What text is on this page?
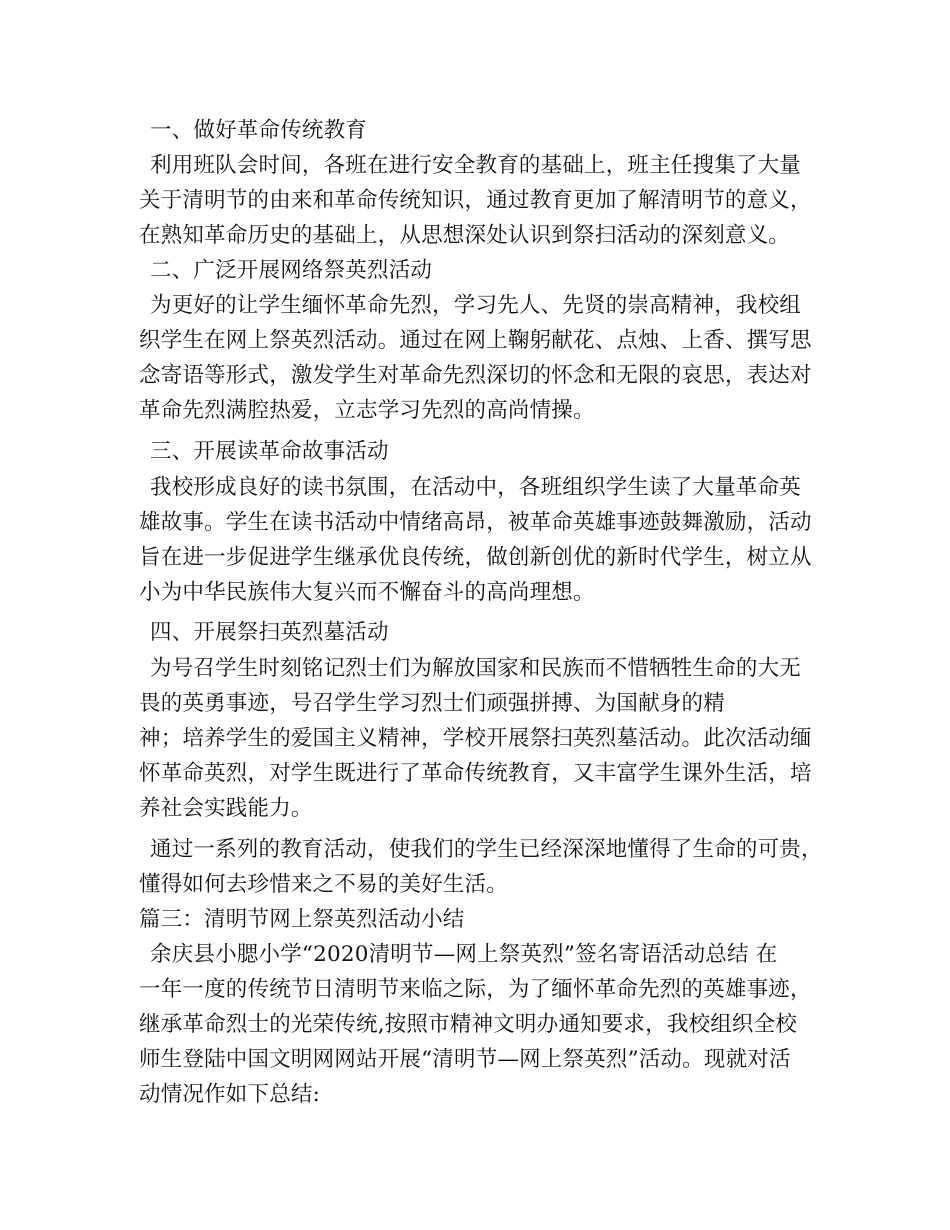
一、做好革命传统教育
利用班队会时间，各班在进行安全教育的基础上，班主任搜集了大量
关于清明节的由来和革命传统知识，通过教育更加了解清明节的意义，
在熟知革命历史的基础上，从思想深处认识到祭扫活动的深刻意义。
二、广泛开展网络祭英烈活动
为更好的让学生缅怀革命先烈，学习先人、先贤的崇高精神，我校组
织学生在网上祭英烈活动。通过在网上鞠躬献花、点烛、上香、撰写思
念寄语等形式，激发学生对革命先烈深切的怀念和无限的哀思，表达对
革命先烈满腔热爱，立志学习先烈的高尚情操。
三、开展读革命故事活动
我校形成良好的读书氛围，在活动中，各班组织学生读了大量革命英
雄故事。学生在读书活动中情绪高昂，被革命英雄事迹鼓舞激励，活动
旨在进一步促进学生继承优良传统，做创新创优的新时代学生，树立从
小为中华民族伟大复兴而不懈奋斗的高尚理想。
四、开展祭扫英烈墓活动
为号召学生时刻铭记烈士们为解放国家和民族而不惜牺牲生命的大无
畏的英勇事迹，号召学生学习烈士们顽强拼搏、为国献身的精
神；培养学生的爱国主义精神，学校开展祭扫英烈墓活动。此次活动缅
怀革命英烈，对学生既进行了革命传统教育，又丰富学生课外生活，培
养社会实践能力。
通过一系列的教育活动，使我们的学生已经深深地懂得了生命的可贵，
懂得如何去珍惜来之不易的美好生活。
篇三：清明节网上祭英烈活动小结
余庆县小腮小学“2020清明节—网上祭英烈”签名寄语活动总结 在
一年一度的传统节日清明节来临之际，为了缅怀革命先烈的英雄事迹，
继承革命烈士的光荣传统,按照市精神文明办通知要求，我校组织全校
师生登陆中国文明网网站开展“清明节—网上祭英烈”活动。现就对活
动情况作如下总结:
